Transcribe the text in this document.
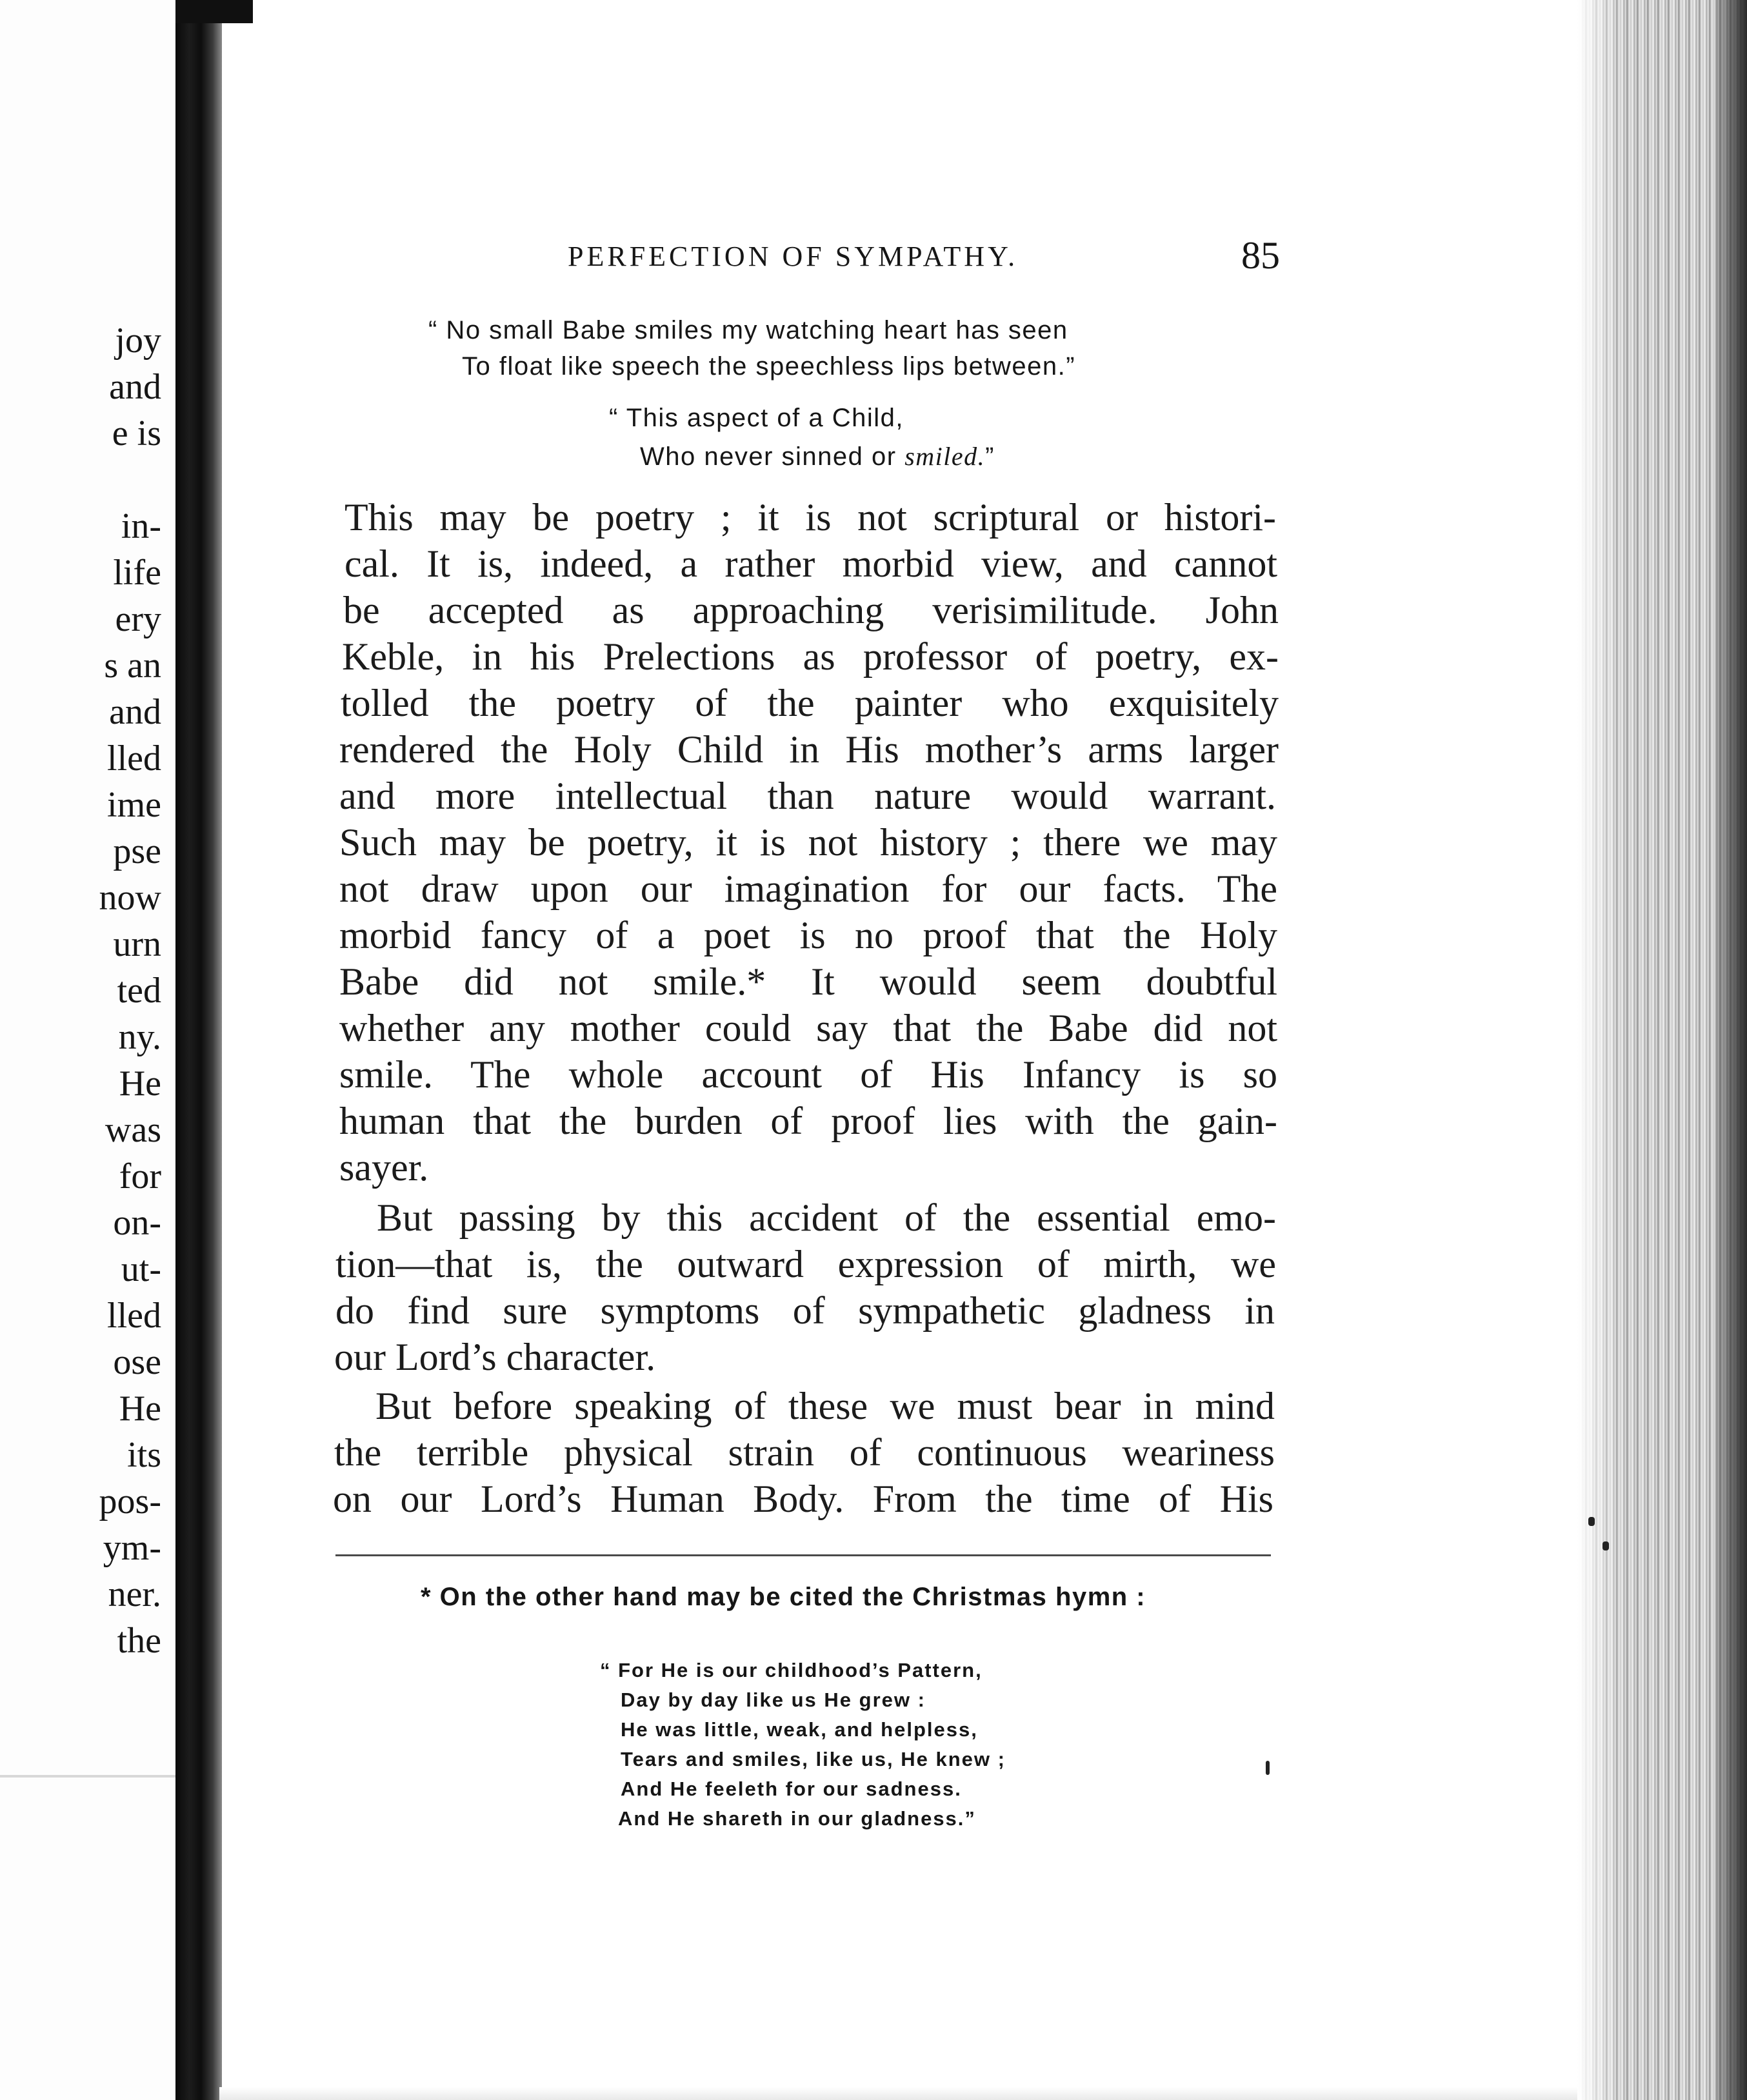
joy
and
e is
in-
life
ery
s an
and
lled
ime
pse
now
urn
ted
ny.
He
was
for
on-
ut-
lled
ose
He
its
pos-
ym-
ner.
the
PERFECTION OF SYMPATHY.	85
“ No small Babe smiles my watching heart has seen
To float like speech the speechless lips between.”
“ This aspect of a Child,
Who never sinned or smiled.”
This may be poetry ; it is not scriptural or histori-
cal. It is, indeed, a rather morbid view, and cannot
be accepted as approaching verisimilitude. John
Keble, in his Prelections as professor of poetry, ex-
tolled the poetry of the painter who exquisitely
rendered the Holy Child in His mother’s arms larger
and more intellectual than nature would warrant.
Such may be poetry, it is not history ; there we may
not draw upon our imagination for our facts. The
morbid fancy of a poet is no proof that the Holy
Babe did not smile.* It would seem doubtful
whether any mother could say that the Babe did not
smile. The whole account of His Infancy is so
human that the burden of proof lies with the gain-
sayer.
But passing by this accident of the essential emo-
tion—that is, the outward expression of mirth, we
do find sure symptoms of sympathetic gladness in
our Lord’s character.
But before speaking of these we must bear in mind
the terrible physical strain of continuous weariness
on our Lord’s Human Body. From the time of His
* On the other hand may be cited the Christmas hymn :
“ For He is our childhood’s Pattern,
Day by day like us He grew :
He was little, weak, and helpless,
Tears and smiles, like us, He knew ;
And He feeleth for our sadness.
And He shareth in our gladness.”
